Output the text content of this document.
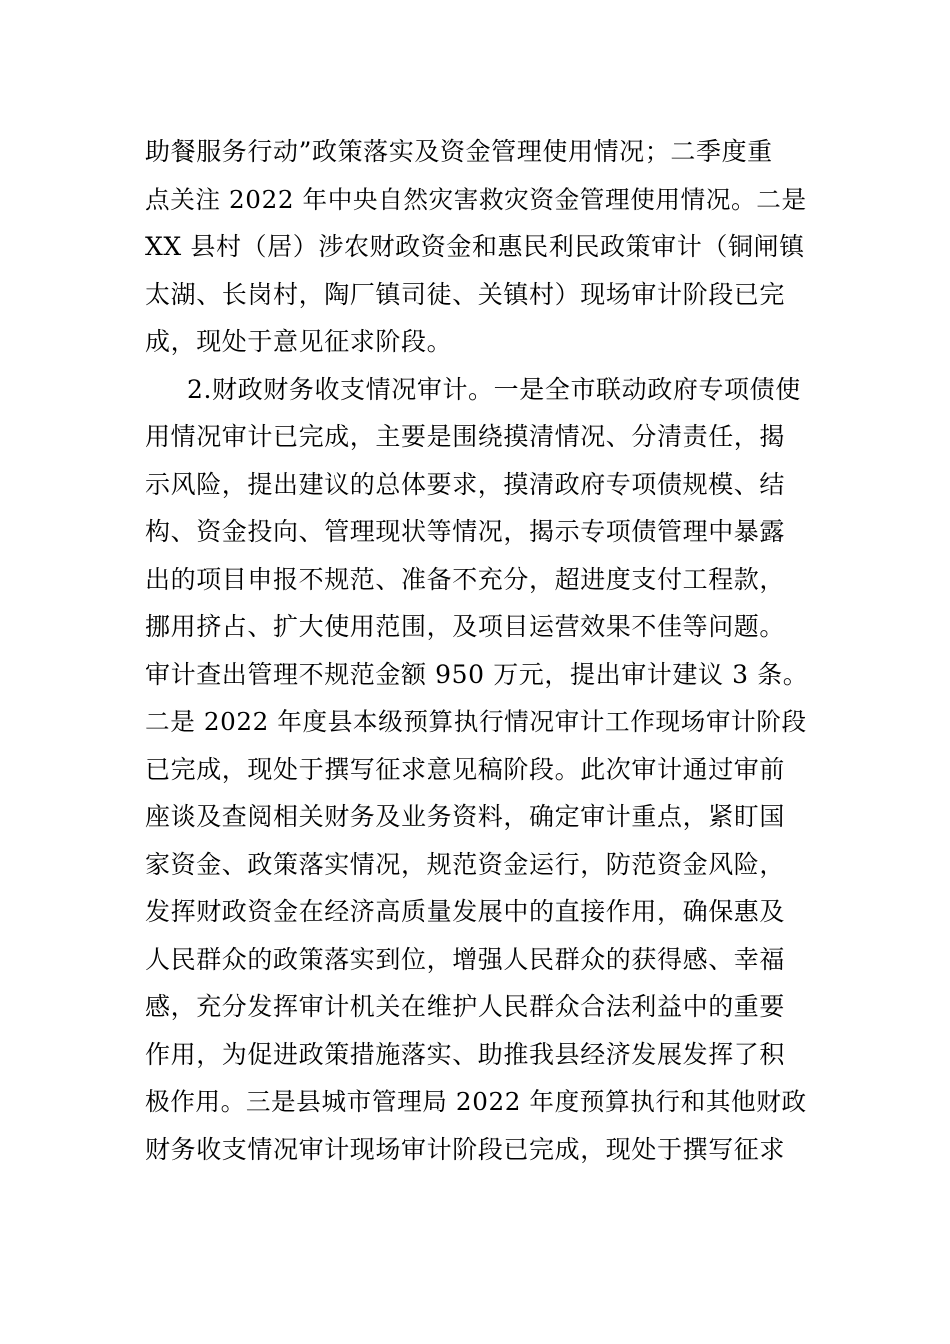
助餐服务行动”政策落实及资金管理使用情况；二季度重
点关注 2022 年中央自然灾害救灾资金管理使用情况。二是
XX 县村（居）涉农财政资金和惠民利民政策审计（铜闸镇
太湖、长岗村，陶厂镇司徒、关镇村）现场审计阶段已完
成，现处于意见征求阶段。
2.财政财务收支情况审计。一是全市联动政府专项债使
用情况审计已完成，主要是围绕摸清情况、分清责任，揭
示风险，提出建议的总体要求，摸清政府专项债规模、结
构、资金投向、管理现状等情况，揭示专项债管理中暴露
出的项目申报不规范、准备不充分，超进度支付工程款，
挪用挤占、扩大使用范围，及项目运营效果不佳等问题。
审计查出管理不规范金额 950 万元，提出审计建议 3 条。
二是 2022 年度县本级预算执行情况审计工作现场审计阶段
已完成，现处于撰写征求意见稿阶段。此次审计通过审前
座谈及查阅相关财务及业务资料，确定审计重点，紧盯国
家资金、政策落实情况，规范资金运行，防范资金风险，
发挥财政资金在经济高质量发展中的直接作用，确保惠及
人民群众的政策落实到位，增强人民群众的获得感、幸福
感，充分发挥审计机关在维护人民群众合法利益中的重要
作用，为促进政策措施落实、助推我县经济发展发挥了积
极作用。三是县城市管理局 2022 年度预算执行和其他财政
财务收支情况审计现场审计阶段已完成，现处于撰写征求
